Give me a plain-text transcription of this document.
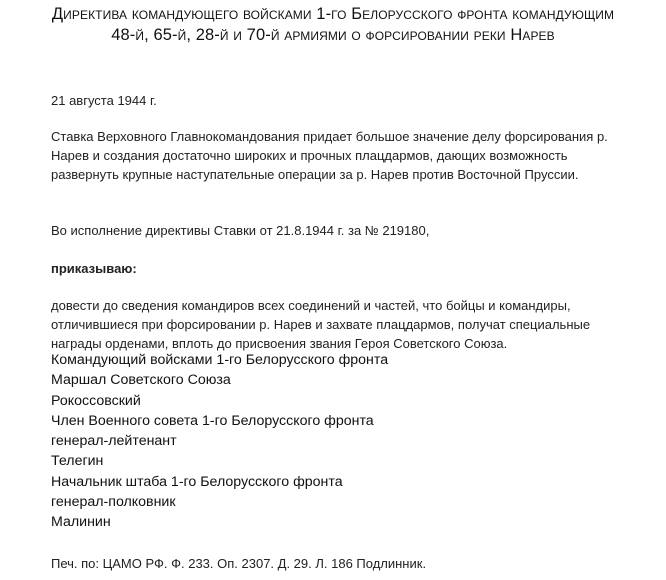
Директива командующего войсками 1-го Белорусского фронта командующим 48-й, 65-й, 28-й и 70-й армиями о форсировании реки Нарев
21 августа 1944 г.
Ставка Верховного Главнокомандования придает большое значение делу форсирования р. Нарев и создания достаточно широких и прочных плацдармов, дающих возможность развернуть крупные наступательные операции за р. Нарев против Восточной Пруссии.
Во исполнение директивы Ставки от 21.8.1944 г. за № 219180,
приказываю:
довести до сведения командиров всех соединений и частей, что бойцы и командиры, отличившиеся при форсировании р. Нарев и захвате плацдармов, получат специальные награды орденами, вплоть до присвоения звания Героя Советского Союза.
Командующий войсками 1-го Белорусского фронта
Маршал Советского Союза
Рокоссовский
Член Военного совета 1-го Белорусского фронта
генерал-лейтенант
Телегин
Начальник штаба 1-го Белорусского фронта
генерал-полковник
Малинин
Печ. по: ЦАМО РФ. Ф. 233. Оп. 2307. Д. 29. Л. 186 Подлинник.
